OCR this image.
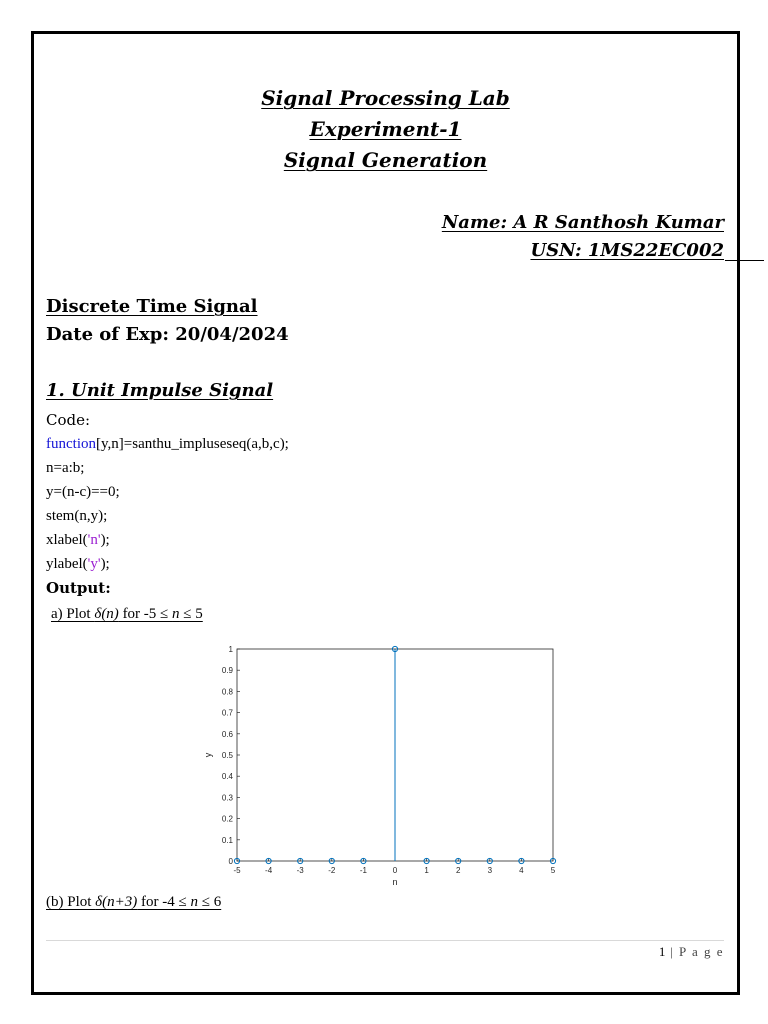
Signal Processing Lab
Experiment-1
Signal Generation
Name: A R Santhosh Kumar
USN: 1MS22EC002
Discrete Time Signal
Date of Exp: 20/04/2024
1. Unit Impulse Signal
Code:
function[y,n]=santhu_impluseseq(a,b,c);
n=a:b;
y=(n-c)==0;
stem(n,y);
xlabel('n');
ylabel('y');
Output:
a) Plot δ(n) for -5 ≤ n ≤ 5
-5	-4	-3	-2	-1	0	1	2	3	4	5
0
0.1
0.2
0.3
0.4
0.5
0.6
0.7
0.8
0.9
1
n
y
(b) Plot δ(n+3) for -4 ≤ n ≤ 6
1 | P a g e
